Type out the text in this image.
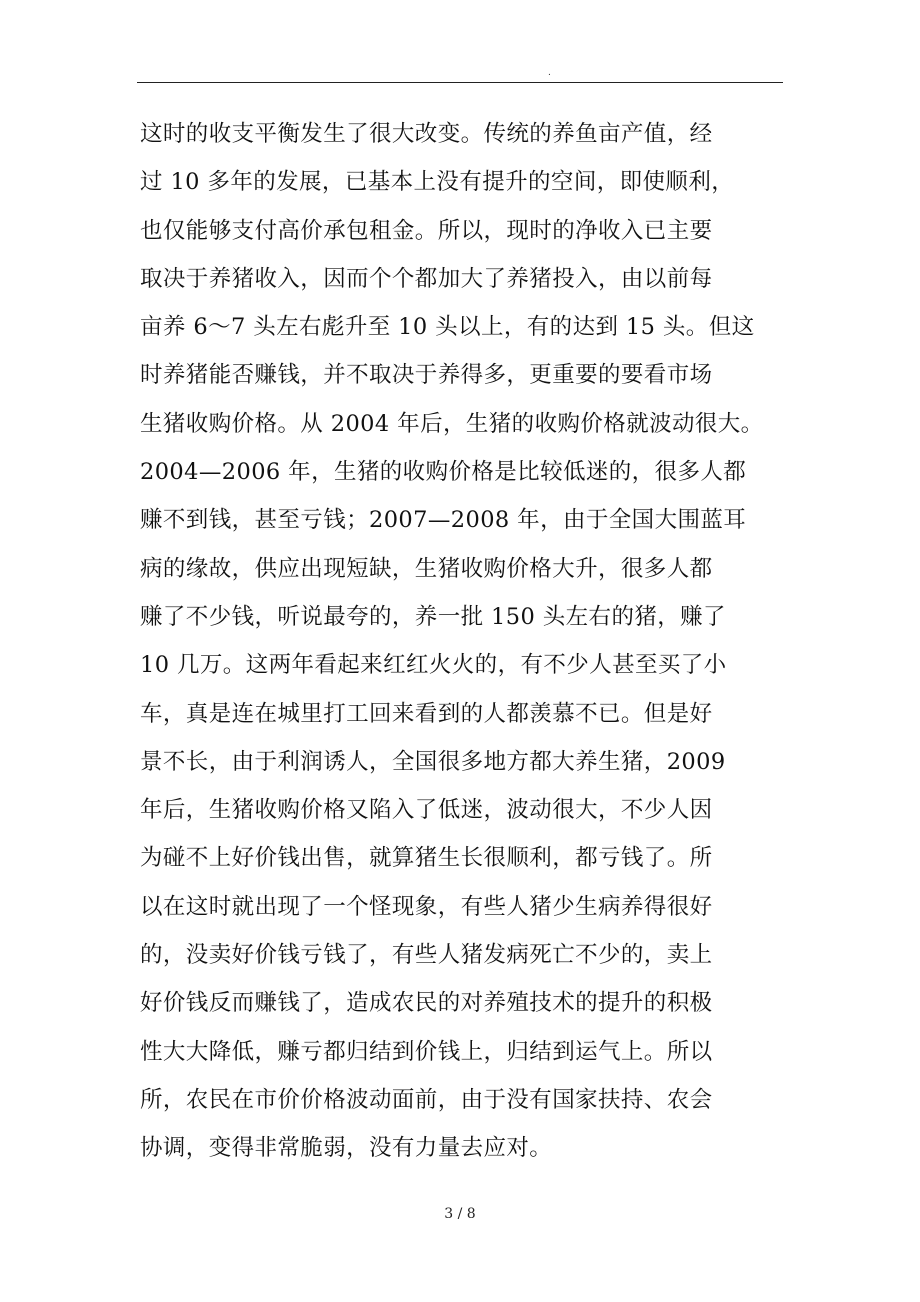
.
这时的收支平衡发生了很大改变。传统的养鱼亩产值，经
过 10 多年的发展，已基本上没有提升的空间，即使顺利，
也仅能够支付高价承包租金。所以，现时的净收入已主要
取决于养猪收入，因而个个都加大了养猪投入，由以前每
亩养 6～7 头左右彪升至 10 头以上，有的达到 15 头。但这
时养猪能否赚钱，并不取决于养得多，更重要的要看市场
生猪收购价格。从 2004 年后，生猪的收购价格就波动很大。
2004—2006 年，生猪的收购价格是比较低迷的，很多人都
赚不到钱，甚至亏钱；2007—2008 年，由于全国大围蓝耳
病的缘故，供应出现短缺，生猪收购价格大升，很多人都
赚了不少钱，听说最夸的，养一批 150 头左右的猪，赚了
10 几万。这两年看起来红红火火的，有不少人甚至买了小
车，真是连在城里打工回来看到的人都羡慕不已。但是好
景不长，由于利润诱人，全国很多地方都大养生猪，2009
年后，生猪收购价格又陷入了低迷，波动很大，不少人因
为碰不上好价钱出售，就算猪生长很顺利，都亏钱了。所
以在这时就出现了一个怪现象，有些人猪少生病养得很好
的，没卖好价钱亏钱了，有些人猪发病死亡不少的，卖上
好价钱反而赚钱了，造成农民的对养殖技术的提升的积极
性大大降低，赚亏都归结到价钱上，归结到运气上。所以
所，农民在市价价格波动面前，由于没有国家扶持、农会
协调，变得非常脆弱，没有力量去应对。
3 / 8
